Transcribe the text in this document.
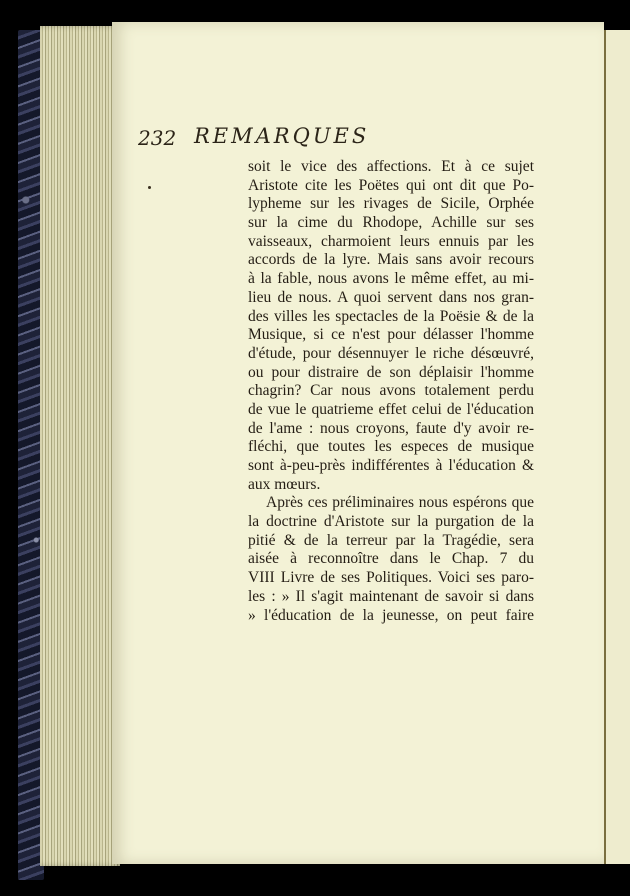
232 REMARQUES
soit le vice des affections. Et à ce sujet
Aristote cite les Poëtes qui ont dit que Po-
lypheme sur les rivages de Sicile, Orphée
sur la cime du Rhodope, Achille sur ses
vaisseaux, charmoient leurs ennuis par les
accords de la lyre. Mais sans avoir recours
à la fable, nous avons le même effet, au mi-
lieu de nous. A quoi servent dans nos gran-
des villes les spectacles de la Poësie & de la
Musique, si ce n'est pour délasser l'homme
d'étude, pour désennuyer le riche désœuvré,
ou pour distraire de son déplaisir l'homme
chagrin? Car nous avons totalement perdu
de vue le quatrieme effet celui de l'éducation
de l'ame : nous croyons, faute d'y avoir re-
fléchi, que toutes les especes de musique
sont à-peu-près indifférentes à l'éducation &
aux mœurs.
Après ces préliminaires nous espérons que
la doctrine d'Aristote sur la purgation de la
pitié & de la terreur par la Tragédie, sera
aisée à reconnoître dans le Chap. 7 du
VIII Livre de ses Politiques. Voici ses paro-
les : » Il s'agit maintenant de savoir si dans
» l'éducation de la jeunesse, on peut faire
